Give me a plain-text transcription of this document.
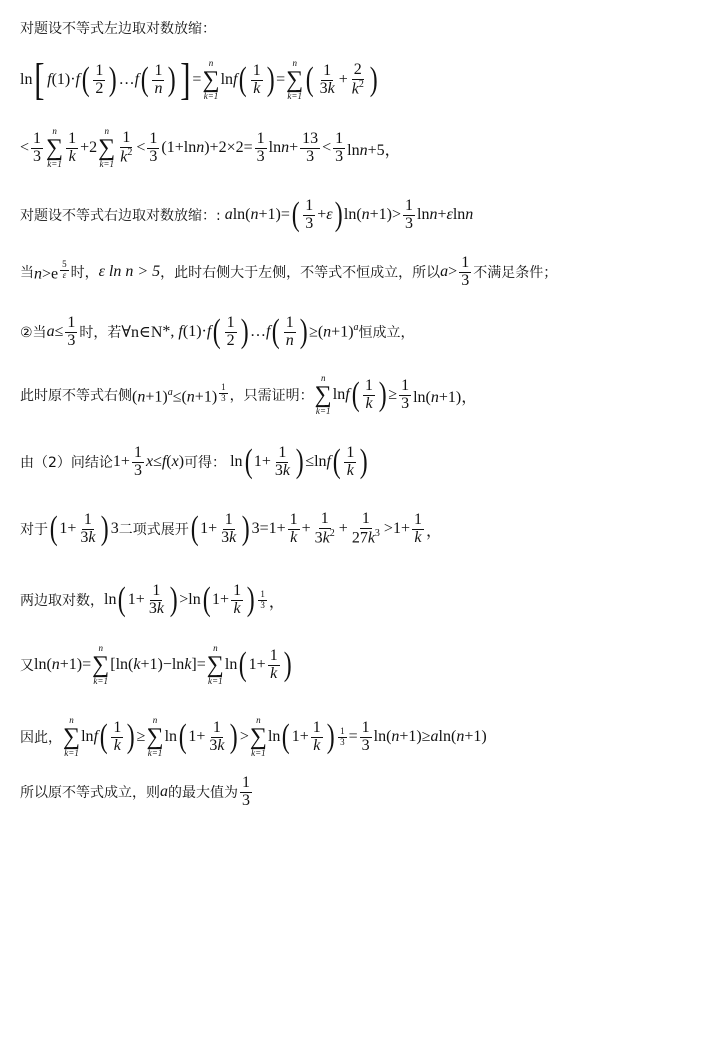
对题设不等式左边取对数放缩：
ln [ f (1)· f ( $\frac{1}{2}$ ) … f ( $\frac{1}{n}$ ) ] =
n
∑
k=1
lnf ( $\frac{1}{k}$ ) =
n
∑
k=1 ( $\frac{1}{3k} + \frac{2}{k^2}$ )
< $\frac{1}{3}$ n
∑
$k=1 \frac{1}{k} +2$
n
∑
$k=1 \frac{1}{k^2} < \frac{1}{3} (1+\ln n)+2\times 2= \frac{1}{3} \ln n+ \frac{13}{3} < \frac{1}{3} \ln n+5$，
对题设不等式右边取对数放缩：: aln(n+1)= ( $\frac{1}{3} +\varepsilon$ ) $\ln(n+1)> \frac{1}{3} \ln n+\varepsilon\ln n$
当 n>e $^{\frac{5}{\varepsilon}}$ 时， ε ln n > 5 ，此时右侧大于左侧，不等式不恒成立，所以 $a> \frac{1}{3}$ 不满足条件；
②当 $a\le \frac{1}{3}$ 时，若 ∀n∈N * , f(1)·f ( $\frac{1}{2}$ ) …f ( $\frac{1}{n}$ ) $\ge(n+1)^a$ 恒成立，
此时原不等式右侧 $(n+1)^a\le(n+1)$ $^{\frac{1}{3}}$ ，只需证明：
n
∑
k=1
lnf ( $\frac{1}{k}$ ) ≥ $\frac{1}{3} \ln(n+1)$，
由（2）问结论 $1+ \frac{1}{3} x\le f(x)$ 可得： ln ( $1+ \frac{1}{3k}$ ) ≤lnf ( $\frac{1}{k}$ )
对于 ( $1+ \frac{1}{3k}$ ) 3 二项式展开 ( $1+ \frac{1}{3k}$ ) $3 =1+ \frac{1}{k} + \frac{1}{3k^2} + \frac{1}{27k^3} >1+ \frac{1}{k}$ ，
两边取对数， ln ( $1+ \frac{1}{3k}$ ) >ln ( $1+ \frac{1}{k}$ ) $\frac{1}{3}$ ，
又 ln(n+1)=
n
∑
k=1
[ln(k+1)−lnk]=
n
∑
k=1
ln ( $1+ \frac{1}{k}$ )
因此，
n
∑
k=1
lnf ( $\frac{1}{k}$ ) ≥
n
∑
k=1
ln ( $1+ \frac{1}{3k}$ ) >
n
∑
k=1
ln ( $1+ \frac{1}{k}$ ) $\frac{1}{3} = \frac{1}{3} \ln(n+1)\ge aln(n+1)$
所以原不等式成立，则 a 的最大值为 $\frac{1}{3}$
